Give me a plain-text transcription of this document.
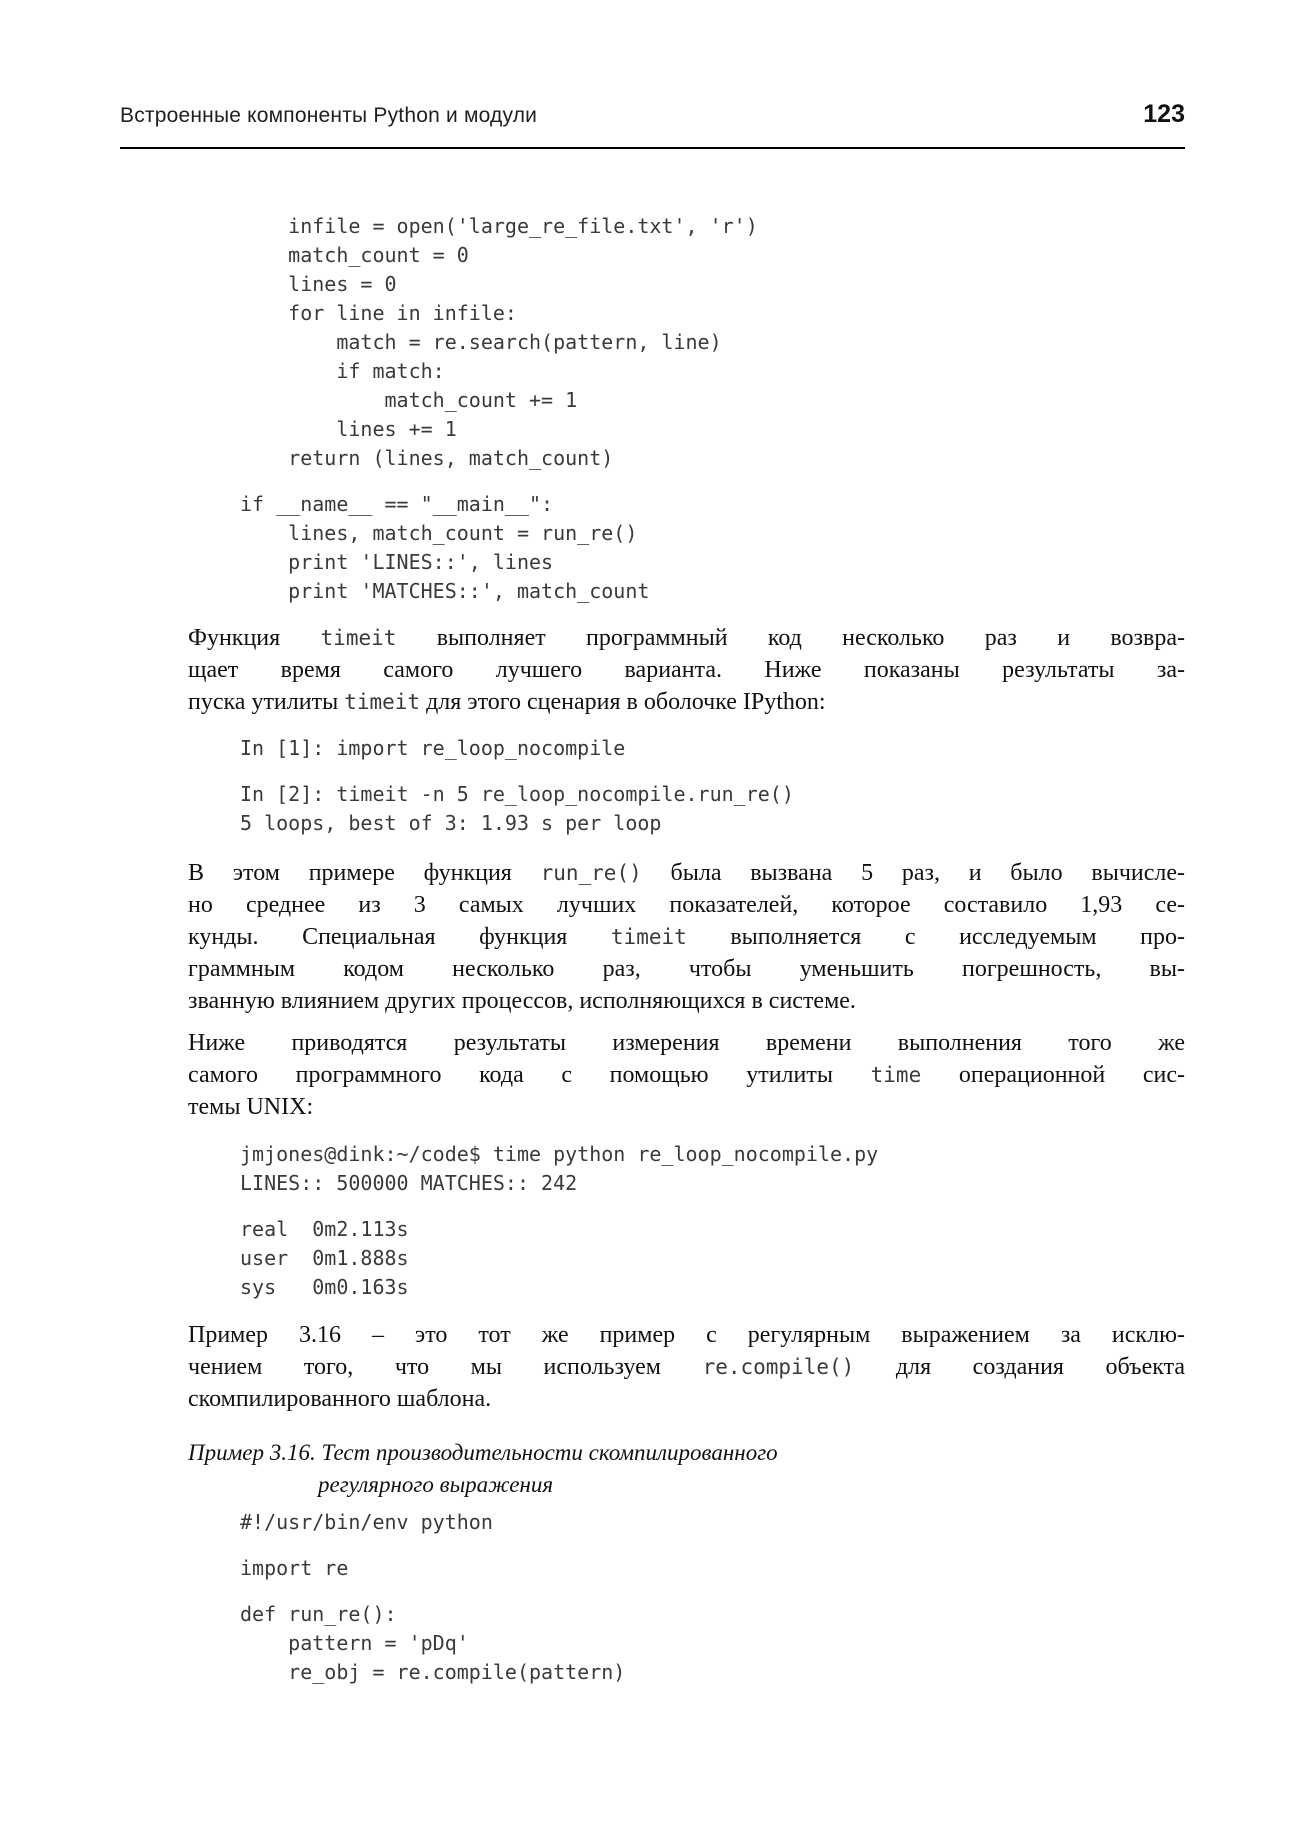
Встроенные компоненты Python и модули	123
infile = open('large_re_file.txt', 'r')
match_count = 0
lines = 0
for line in infile:
match = re.search(pattern, line)
if match:
match_count += 1
lines += 1
return (lines, match_count)
if __name__ == "__main__":
lines, match_count = run_re()
print 'LINES::', lines
print 'MATCHES::', match_count
Функция timeit выполняет программный код несколько раз и возвра-
щает время самого лучшего варианта. Ниже показаны результаты за-
пуска утилиты timeit для этого сценария в оболочке IPython:
In [1]: import re_loop_nocompile
In [2]: timeit -n 5 re_loop_nocompile.run_re()
5 loops, best of 3: 1.93 s per loop
В этом примере функция run_re() была вызвана 5 раз, и было вычисле-
но среднее из 3 самых лучших показателей, которое составило 1,93 се-
кунды. Специальная функция timeit выполняется с исследуемым про-
граммным кодом несколько раз, чтобы уменьшить погрешность, вы-
званную влиянием других процессов, исполняющихся в системе.
Ниже приводятся результаты измерения времени выполнения того же
самого программного кода с помощью утилиты time операционной сис-
темы UNIX:
jmjones@dink:~/code$ time python re_loop_nocompile.py
LINES:: 500000 MATCHES:: 242
real  0m2.113s
user  0m1.888s
sys   0m0.163s
Пример 3.16 – это тот же пример с регулярным выражением за исклю-
чением того, что мы используем re.compile() для создания объекта
скомпилированного шаблона.
Пример 3.16. Тест производительности скомпилированного
регулярного выражения
#!/usr/bin/env python
import re
def run_re():
pattern = 'pDq'
re_obj = re.compile(pattern)
